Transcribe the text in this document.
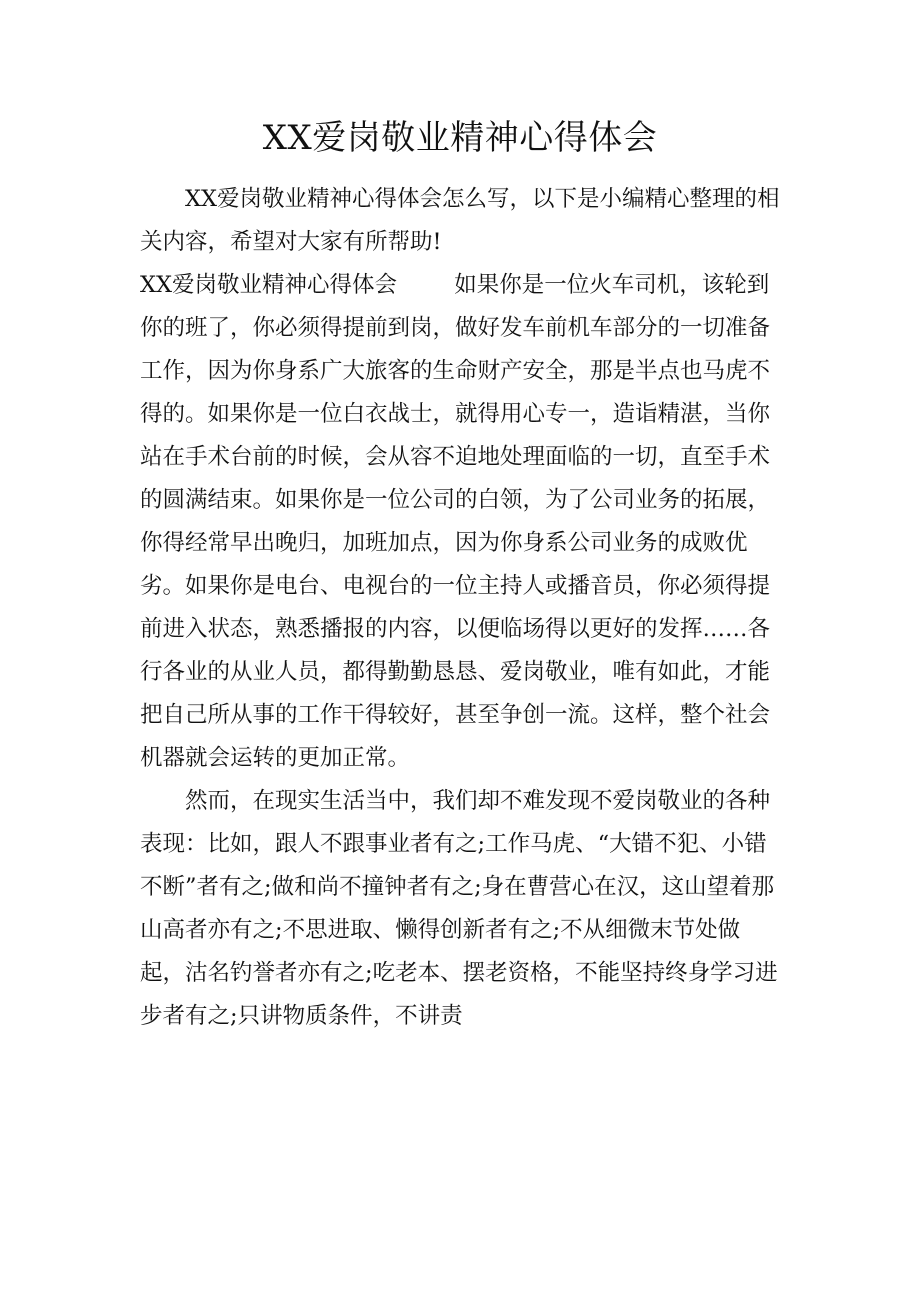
XX爱岗敬业精神心得体会

XX爱岗敬业精神心得体会怎么写，以下是小编精心整理的相关内容，希望对大家有所帮助!

XX爱岗敬业精神心得体会        如果你是一位火车司机，该轮到你的班了，你必须得提前到岗，做好发车前机车部分的一切准备工作，因为你身系广大旅客的生命财产安全，那是半点也马虎不得的。如果你是一位白衣战士，就得用心专一，造诣精湛，当你站在手术台前的时候，会从容不迫地处理面临的一切，直至手术的圆满结束。如果你是一位公司的白领，为了公司业务的拓展，你得经常早出晚归，加班加点，因为你身系公司业务的成败优劣。如果你是电台、电视台的一位主持人或播音员，你必须得提前进入状态，熟悉播报的内容，以便临场得以更好的发挥……各行各业的从业人员，都得勤勤恳恳、爱岗敬业，唯有如此，才能把自己所从事的工作干得较好，甚至争创一流。这样，整个社会机器就会运转的更加正常。

然而，在现实生活当中，我们却不难发现不爱岗敬业的各种表现：比如，跟人不跟事业者有之;工作马虎、“大错不犯、小错不断”者有之;做和尚不撞钟者有之;身在曹营心在汉，这山望着那山高者亦有之;不思进取、懒得创新者有之;不从细微末节处做起，沽名钓誉者亦有之;吃老本、摆老资格，不能坚持终身学习进步者有之;只讲物质条件，不讲责
